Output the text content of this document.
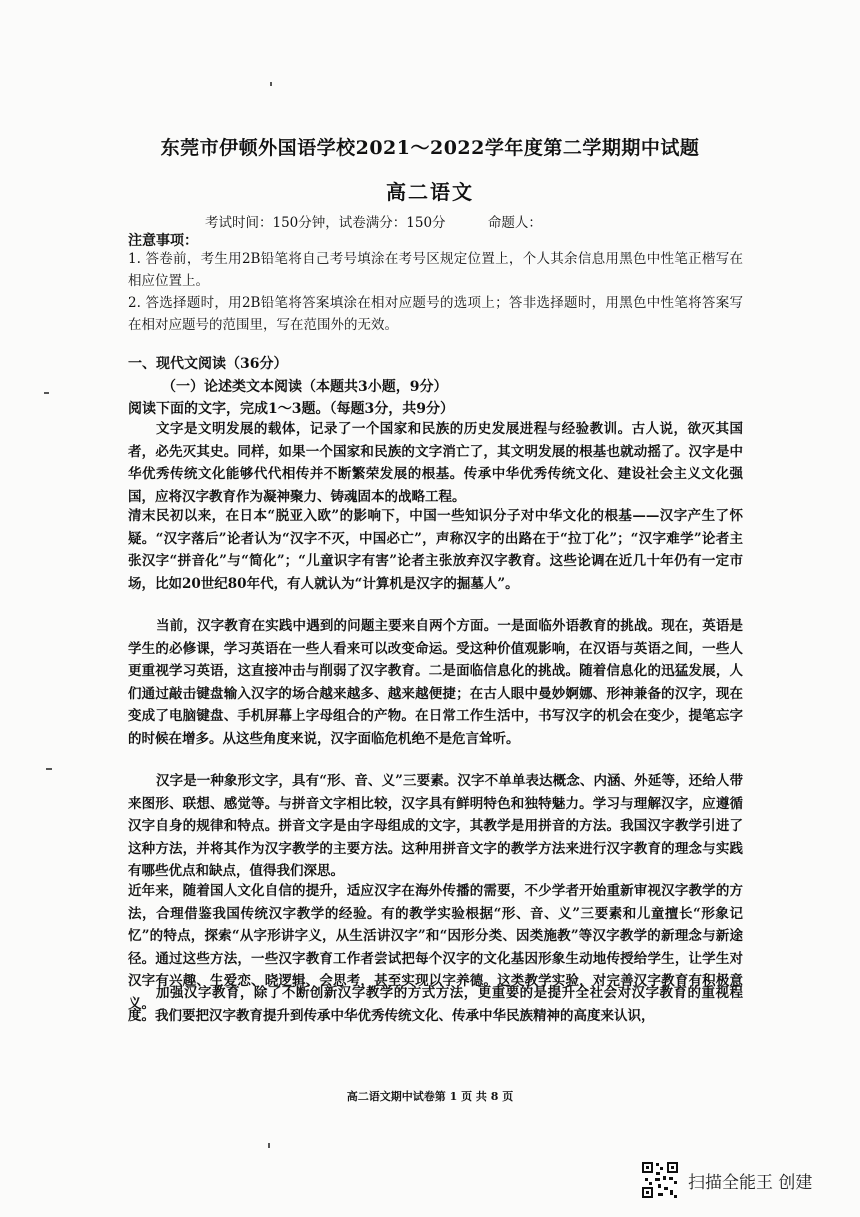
东莞市伊顿外国语学校2021～2022学年度第二学期期中试题
高二语文
考试时间：150分钟，试卷满分：150分	命题人：
注意事项：
1. 答卷前，考生用2B铅笔将自己考号填涂在考号区规定位置上，个人其余信息用黑色中性笔正楷写在相应位置上。
2. 答选择题时，用2B铅笔将答案填涂在相对应题号的选项上；答非选择题时，用黑色中性笔将答案写在相对应题号的范围里，写在范围外的无效。
一、现代文阅读（36分）
（一）论述类文本阅读（本题共3小题，9分）
阅读下面的文字，完成1～3题。（每题3分，共9分）
文字是文明发展的载体，记录了一个国家和民族的历史发展进程与经验教训。古人说，欲灭其国者，必先灭其史。同样，如果一个国家和民族的文字消亡了，其文明发展的根基也就动摇了。汉字是中华优秀传统文化能够代代相传并不断繁荣发展的根基。传承中华优秀传统文化、建设社会主义文化强国，应将汉字教育作为凝神聚力、铸魂固本的战略工程。
清末民初以来，在日本“脱亚入欧”的影响下，中国一些知识分子对中华文化的根基——汉字产生了怀疑。“汉字落后”论者认为“汉字不灭，中国必亡”，声称汉字的出路在于“拉丁化”；“汉字难学”论者主张汉字“拼音化”与“简化”；“儿童识字有害”论者主张放弃汉字教育。这些论调在近几十年仍有一定市场，比如20世纪80年代，有人就认为“计算机是汉字的掘墓人”。
当前，汉字教育在实践中遇到的问题主要来自两个方面。一是面临外语教育的挑战。现在，英语是学生的必修课，学习英语在一些人看来可以改变命运。受这种价值观影响，在汉语与英语之间，一些人更重视学习英语，这直接冲击与削弱了汉字教育。二是面临信息化的挑战。随着信息化的迅猛发展，人们通过敲击键盘输入汉字的场合越来越多、越来越便捷；在古人眼中曼妙婀娜、形神兼备的汉字，现在变成了电脑键盘、手机屏幕上字母组合的产物。在日常工作生活中，书写汉字的机会在变少，提笔忘字的时候在增多。从这些角度来说，汉字面临危机绝不是危言耸听。
汉字是一种象形文字，具有“形、音、义”三要素。汉字不单单表达概念、内涵、外延等，还给人带来图形、联想、感觉等。与拼音文字相比较，汉字具有鲜明特色和独特魅力。学习与理解汉字，应遵循汉字自身的规律和特点。拼音文字是由字母组成的文字，其教学是用拼音的方法。我国汉字教学引进了这种方法，并将其作为汉字教学的主要方法。这种用拼音文字的教学方法来进行汉字教育的理念与实践有哪些优点和缺点，值得我们深思。
近年来，随着国人文化自信的提升，适应汉字在海外传播的需要，不少学者开始重新审视汉字教学的方法，合理借鉴我国传统汉字教学的经验。有的教学实验根据“形、音、义”三要素和儿童擅长“形象记忆”的特点，探索“从字形讲字义，从生活讲汉字”和“因形分类、因类施教”等汉字教学的新理念与新途径。通过这些方法，一些汉字教育工作者尝试把每个汉字的文化基因形象生动地传授给学生，让学生对汉字有兴趣、生爱恋、晓逻辑、会思考，甚至实现以字养德。这类教学实验，对完善汉字教育有积极意义。
加强汉字教育，除了不断创新汉字教学的方式方法，更重要的是提升全社会对汉字教育的重视程度。我们要把汉字教育提升到传承中华优秀传统文化、传承中华民族精神的高度来认识，
高二语文期中试卷第 1 页 共 8 页
扫描全能王 创建
